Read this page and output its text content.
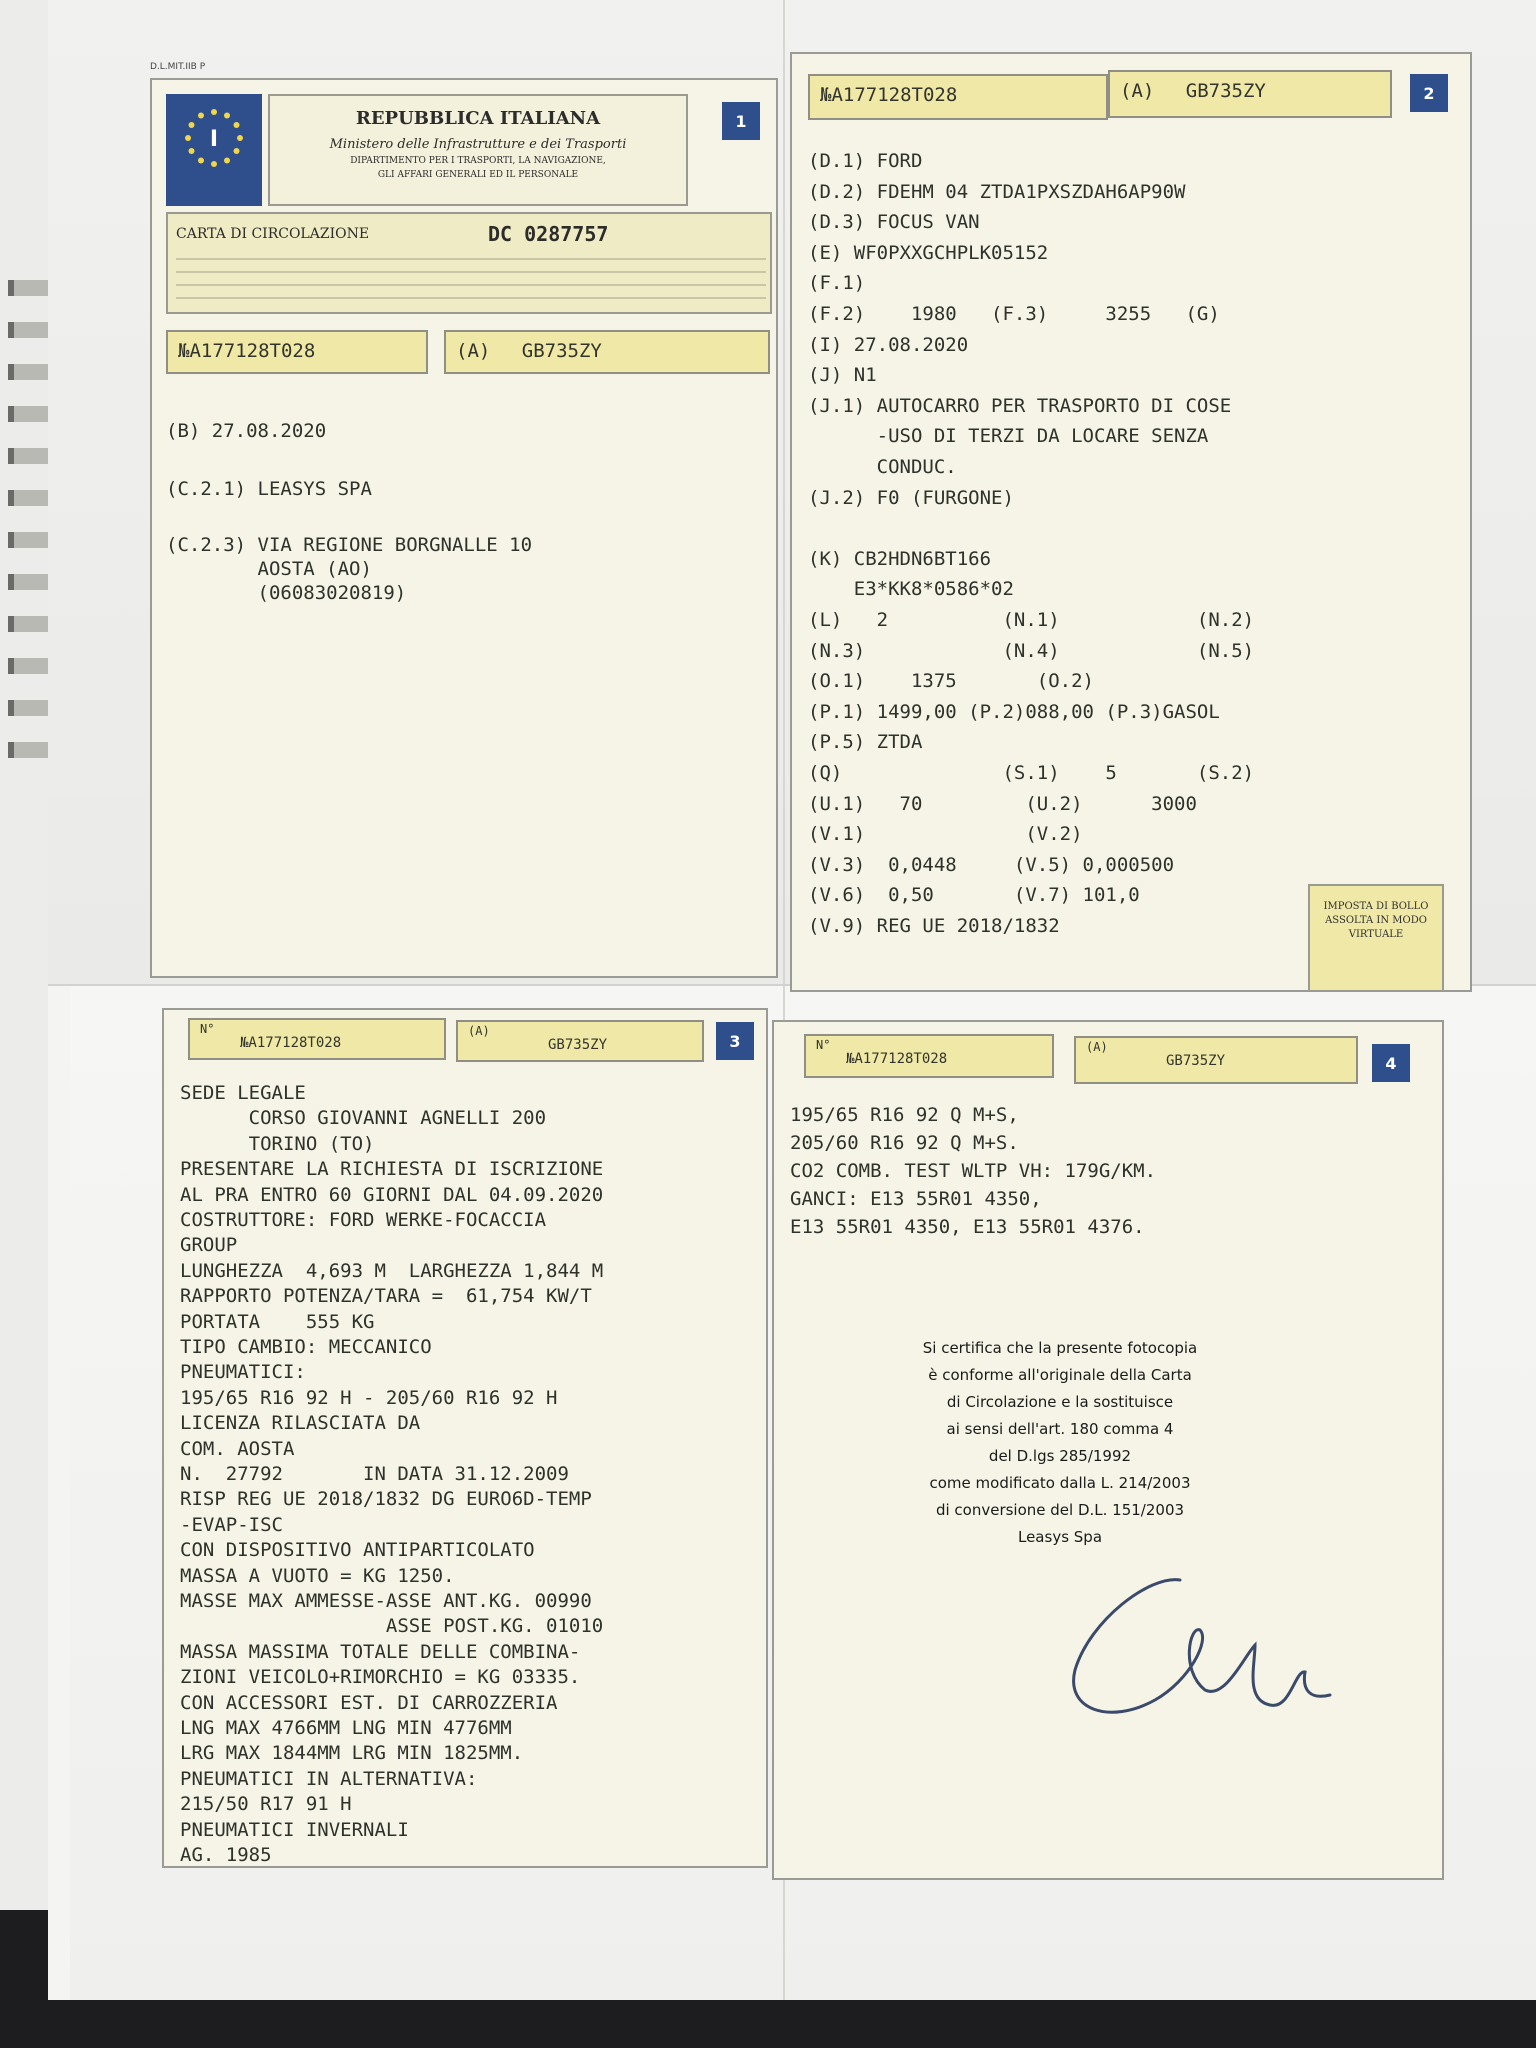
D.L.MIT.IIB P
I
REPUBBLICA ITALIANA
Ministero delle Infrastrutture e dei Trasporti
DIPARTIMENTO PER I TRASPORTI, LA NAVIGAZIONE,
GLI AFFARI GENERALI ED IL PERSONALE
1
CARTA DI CIRCOLAZIONE	DC 0287757
№A177128T028	(A) GB735ZY
(B) 27.08.2020
(C.2.1) LEASYS SPA
(C.2.3) VIA REGIONE BORGNALLE 10
AOSTA (AO)
(06083020819)
№A177128T028	(A) GB735ZY	2
(D.1) FORD
(D.2) FDEHM 04 ZTDA1PXSZDAH6AP90W
(D.3) FOCUS VAN
(E) WF0PXXGCHPLK05152
(F.1)
(F.2)    1980   (F.3)     3255   (G)
(I) 27.08.2020
(J) N1
(J.1) AUTOCARRO PER TRASPORTO DI COSE
-USO DI TERZI DA LOCARE SENZA
CONDUC.
(J.2) F0 (FURGONE)
(K) CB2HDN6BT166
E3*KK8*0586*02
(L)   2          (N.1)            (N.2)
(N.3)            (N.4)            (N.5)
(O.1)    1375       (O.2)
(P.1) 1499,00 (P.2)088,00 (P.3)GASOL
(P.5) ZTDA
(Q)              (S.1)    5       (S.2)
(U.1)   70         (U.2)      3000
(V.1)              (V.2)
(V.3)  0,0448     (V.5) 0,000500
(V.6)  0,50       (V.7) 101,0
(V.9) REG UE 2018/1832
IMPOSTA DI BOLLO ASSOLTA IN MODO VIRTUALE
N°
№A177128T028
(A)
GB735ZY	3
SEDE LEGALE
CORSO GIOVANNI AGNELLI 200
TORINO (TO)
PRESENTARE LA RICHIESTA DI ISCRIZIONE
AL PRA ENTRO 60 GIORNI DAL 04.09.2020
COSTRUTTORE: FORD WERKE-FOCACCIA
GROUP
LUNGHEZZA  4,693 M  LARGHEZZA 1,844 M
RAPPORTO POTENZA/TARA =  61,754 KW/T
PORTATA    555 KG
TIPO CAMBIO: MECCANICO
PNEUMATICI:
195/65 R16 92 H - 205/60 R16 92 H
LICENZA RILASCIATA DA
COM. AOSTA
N.  27792       IN DATA 31.12.2009
RISP REG UE 2018/1832 DG EURO6D-TEMP
-EVAP-ISC
CON DISPOSITIVO ANTIPARTICOLATO
MASSA A VUOTO = KG 1250.
MASSE MAX AMMESSE-ASSE ANT.KG. 00990
ASSE POST.KG. 01010
MASSA MASSIMA TOTALE DELLE COMBINA-
ZIONI VEICOLO+RIMORCHIO = KG 03335.
CON ACCESSORI EST. DI CARROZZERIA
LNG MAX 4766MM LNG MIN 4776MM
LRG MAX 1844MM LRG MIN 1825MM.
PNEUMATICI IN ALTERNATIVA:
215/50 R17 91 H
PNEUMATICI INVERNALI
AG. 1985
N°
№A177128T028
(A)
GB735ZY	4
195/65 R16 92 Q M+S,
205/60 R16 92 Q M+S.
CO2 COMB. TEST WLTP VH: 179G/KM.
GANCI: E13 55R01 4350,
E13 55R01 4350, E13 55R01 4376.
Si certifica che la presente fotocopia
è conforme all'originale della Carta
di Circolazione e la sostituisce
ai sensi dell'art. 180 comma 4
del D.lgs 285/1992
come modificato dalla L. 214/2003
di conversione del D.L. 151/2003
Leasys Spa
